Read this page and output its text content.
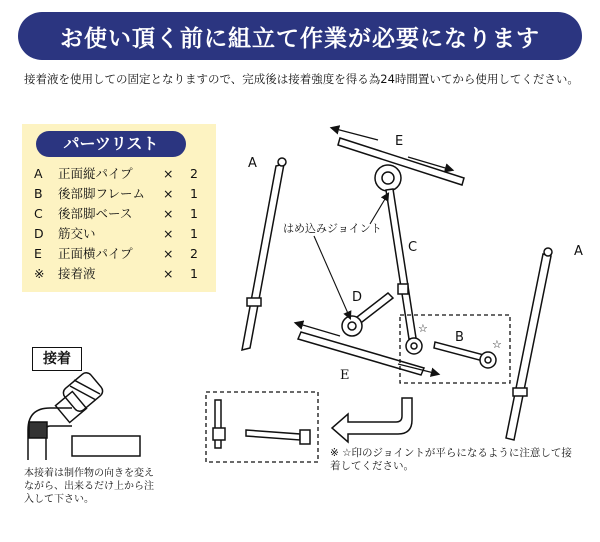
お使い頂く前に組立て作業が必要になります
接着液を使用しての固定となりますので、完成後は接着強度を得る為24時間置いてから使用してください。
パーツリスト
A 正面縦パイプ × 2
B 後部脚フレーム × 1
C 後部脚ベース × 1
D 筋交い	× 1
E 正面横パイプ × 2
※ 接着液	× 1
接着
本接着は制作物の向きを変えながら、出来るだけ上から注入して下さい。
A
A
E
E
C
D
B
☆
☆
はめ込みジョイント
※ ☆印のジョイントが平らになるように注意して接着してください。
